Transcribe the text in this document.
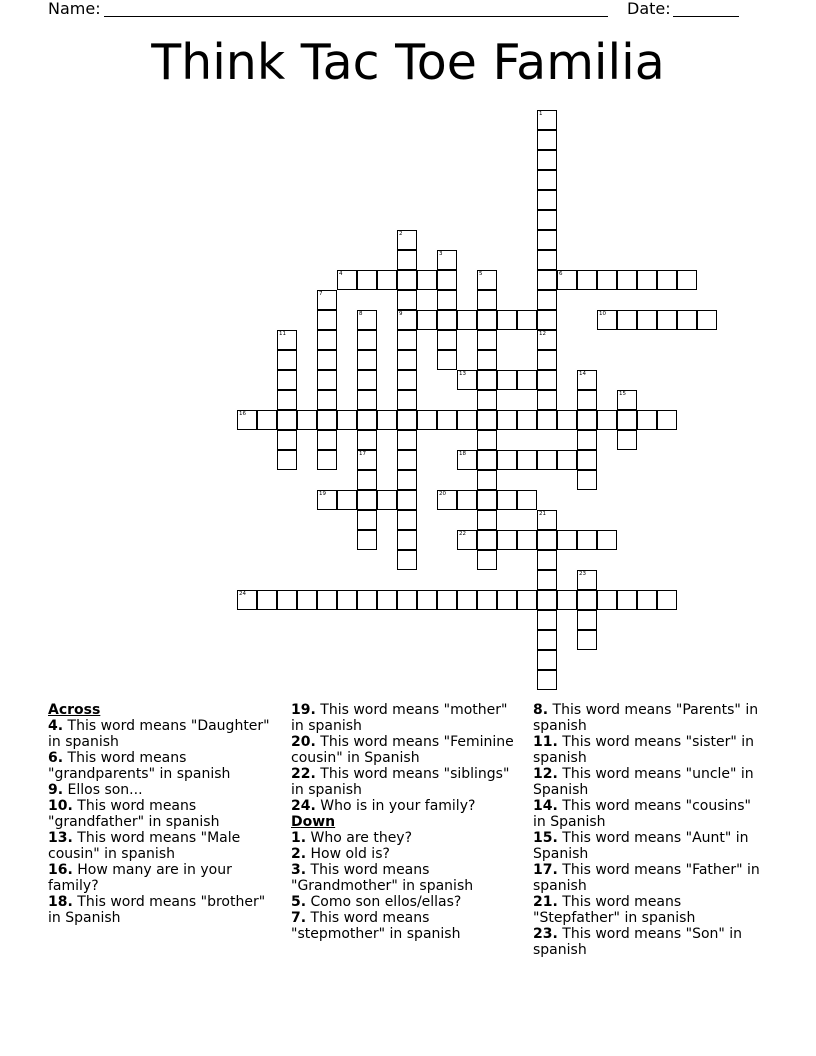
Name:	Date:
Think Tac Toe Familia
1
12
2
9
3
4	5	6
7
8
17
10
11
13	14
15
16
18
19	20
21
22
23
24
Across
4. This word means "Daughter" in spanish
6. This word means "grandparents" in spanish
9. Ellos son...
10. This word means "grandfather" in spanish
13. This word means "Male cousin" in spanish
16. How many are in your family?
18. This word means "brother" in Spanish
19. This word means "mother" in spanish
20. This word means "Feminine cousin" in Spanish
22. This word means "siblings" in spanish
24. Who is in your family?
Down
1. Who are they?
2. How old is?
3. This word means "Grandmother" in spanish
5. Como son ellos/ellas?
7. This word means "stepmother" in spanish
8. This word means "Parents" in spanish
11. This word means "sister" in spanish
12. This word means "uncle" in Spanish
14. This word means "cousins" in Spanish
15. This word means "Aunt" in Spanish
17. This word means "Father" in spanish
21. This word means "Stepfather" in spanish
23. This word means "Son" in spanish
